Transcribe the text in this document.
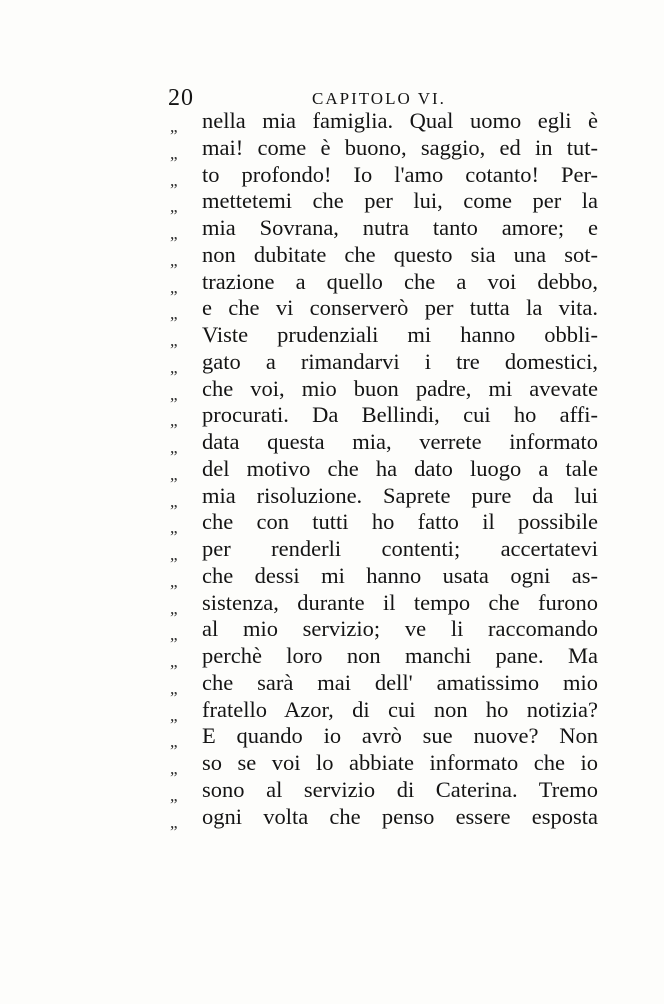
20	CAPITOLO VI.
„ nella mia famiglia. Qual uomo egli è
„ mai! come è buono, saggio, ed in tut-
„ to profondo! Io l'amo cotanto! Per-
„ mettetemi che per lui, come per la
„ mia Sovrana, nutra tanto amore; e
„ non dubitate che questo sia una sot-
„ trazione a quello che a voi debbo,
„ e che vi conserverò per tutta la vita.
„ Viste prudenziali mi hanno obbli-
„ gato a rimandarvi i tre domestici,
„ che voi, mio buon padre, mi avevate
„ procurati. Da Bellindi, cui ho affi-
„ data questa mia, verrete informato
„ del motivo che ha dato luogo a tale
„ mia risoluzione. Saprete pure da lui
„ che con tutti ho fatto il possibile
„ per renderli contenti; accertatevi
„ che dessi mi hanno usata ogni as-
„ sistenza, durante il tempo che furono
„ al mio servizio; ve li raccomando
„ perchè loro non manchi pane. Ma
„ che sarà mai dell' amatissimo mio
„ fratello Azor, di cui non ho notizia?
„ E quando io avrò sue nuove? Non
„ so se voi lo abbiate informato che io
„ sono al servizio di Caterina. Tremo
„ ogni volta che penso essere esposta
